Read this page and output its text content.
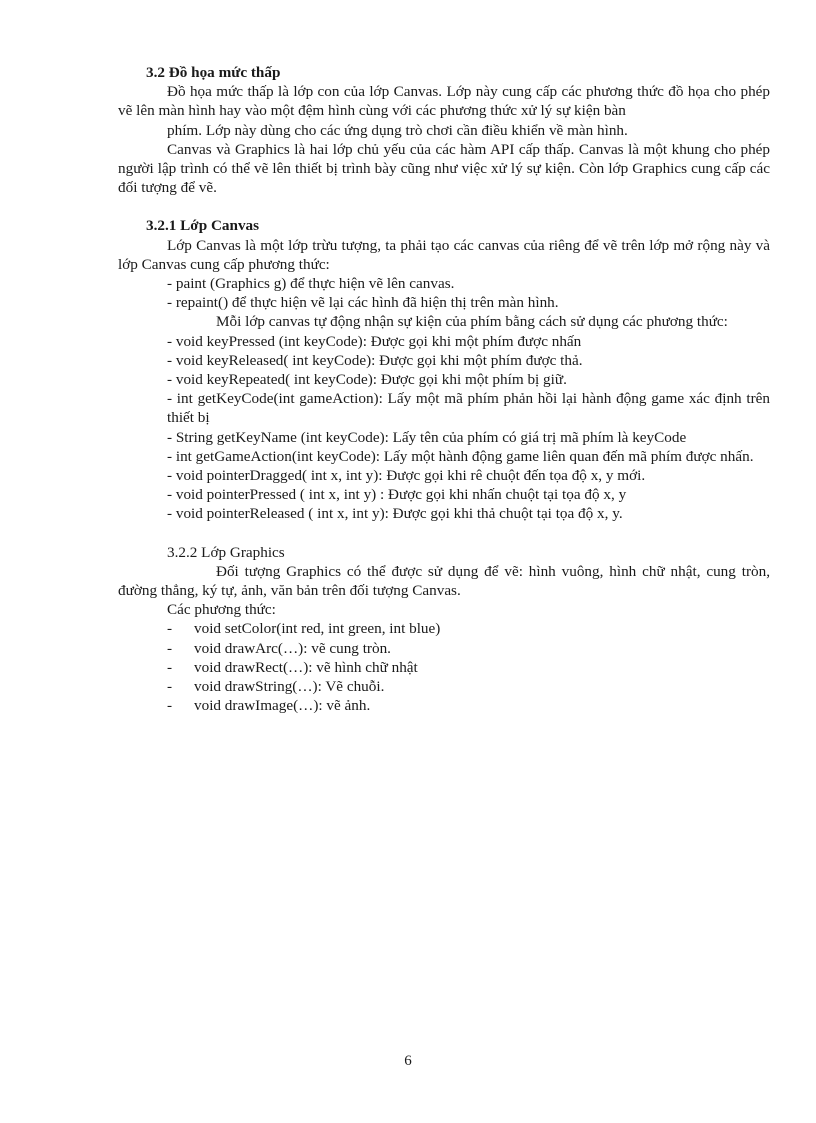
3.2 Đồ họa mức thấp

Đồ họa mức thấp là lớp con của lớp Canvas. Lớp này cung cấp các phương thức đồ họa cho phép vẽ lên màn hình hay vào một đệm hình cùng với các phương thức xử lý sự kiện bàn

phím. Lớp này dùng cho các ứng dụng trò chơi cần điều khiển về màn hình.

Canvas và Graphics là hai lớp chủ yếu của các hàm API cấp thấp. Canvas là một khung cho phép người lập trình có thể vẽ lên thiết bị trình bày cũng như việc xử lý sự kiện. Còn lớp Graphics cung cấp các đối tượng để vẽ.

3.2.1 Lớp Canvas

Lớp Canvas là một lớp trừu tượng, ta phải tạo các canvas của riêng để vẽ trên lớp mở rộng này và lớp Canvas cung cấp phương thức:

- paint (Graphics g) để thực hiện vẽ lên canvas.
- repaint() để thực hiện vẽ lại các hình đã hiện thị trên màn hình.

Mỗi lớp canvas tự động nhận sự kiện của phím bằng cách sử dụng các phương thức:

- void keyPressed (int keyCode): Được gọi khi một phím được nhấn
- void keyReleased( int keyCode): Được gọi khi một phím được thả.
- void keyRepeated( int keyCode): Được gọi khi một phím bị giữ.
- int getKeyCode(int gameAction): Lấy một mã phím phản hồi lại hành động game xác định trên thiết bị
- String getKeyName (int keyCode): Lấy tên của phím có giá trị mã phím là keyCode
- int getGameAction(int keyCode): Lấy một hành động game liên quan đến mã phím được nhấn.
- void pointerDragged( int x, int y): Được gọi khi rê chuột đến tọa độ x, y mới.
- void pointerPressed ( int x, int y) : Được gọi khi nhấn chuột tại tọa độ x, y
- void pointerReleased ( int x, int y): Được gọi khi thả chuột tại tọa độ x, y.
3.2.2 Lớp Graphics

Đối tượng Graphics có thể được sử dụng để vẽ: hình vuông, hình chữ nhật, cung tròn, đường thẳng, ký tự, ảnh, văn bản trên đối tượng Canvas.

Các phương thức:
-	void setColor(int red, int green, int blue)
-	void drawArc(…): vẽ cung tròn.
-	void drawRect(…): vẽ hình chữ nhật
-	void drawString(…): Vẽ chuỗi.
-	void drawImage(…): vẽ ảnh.
6
